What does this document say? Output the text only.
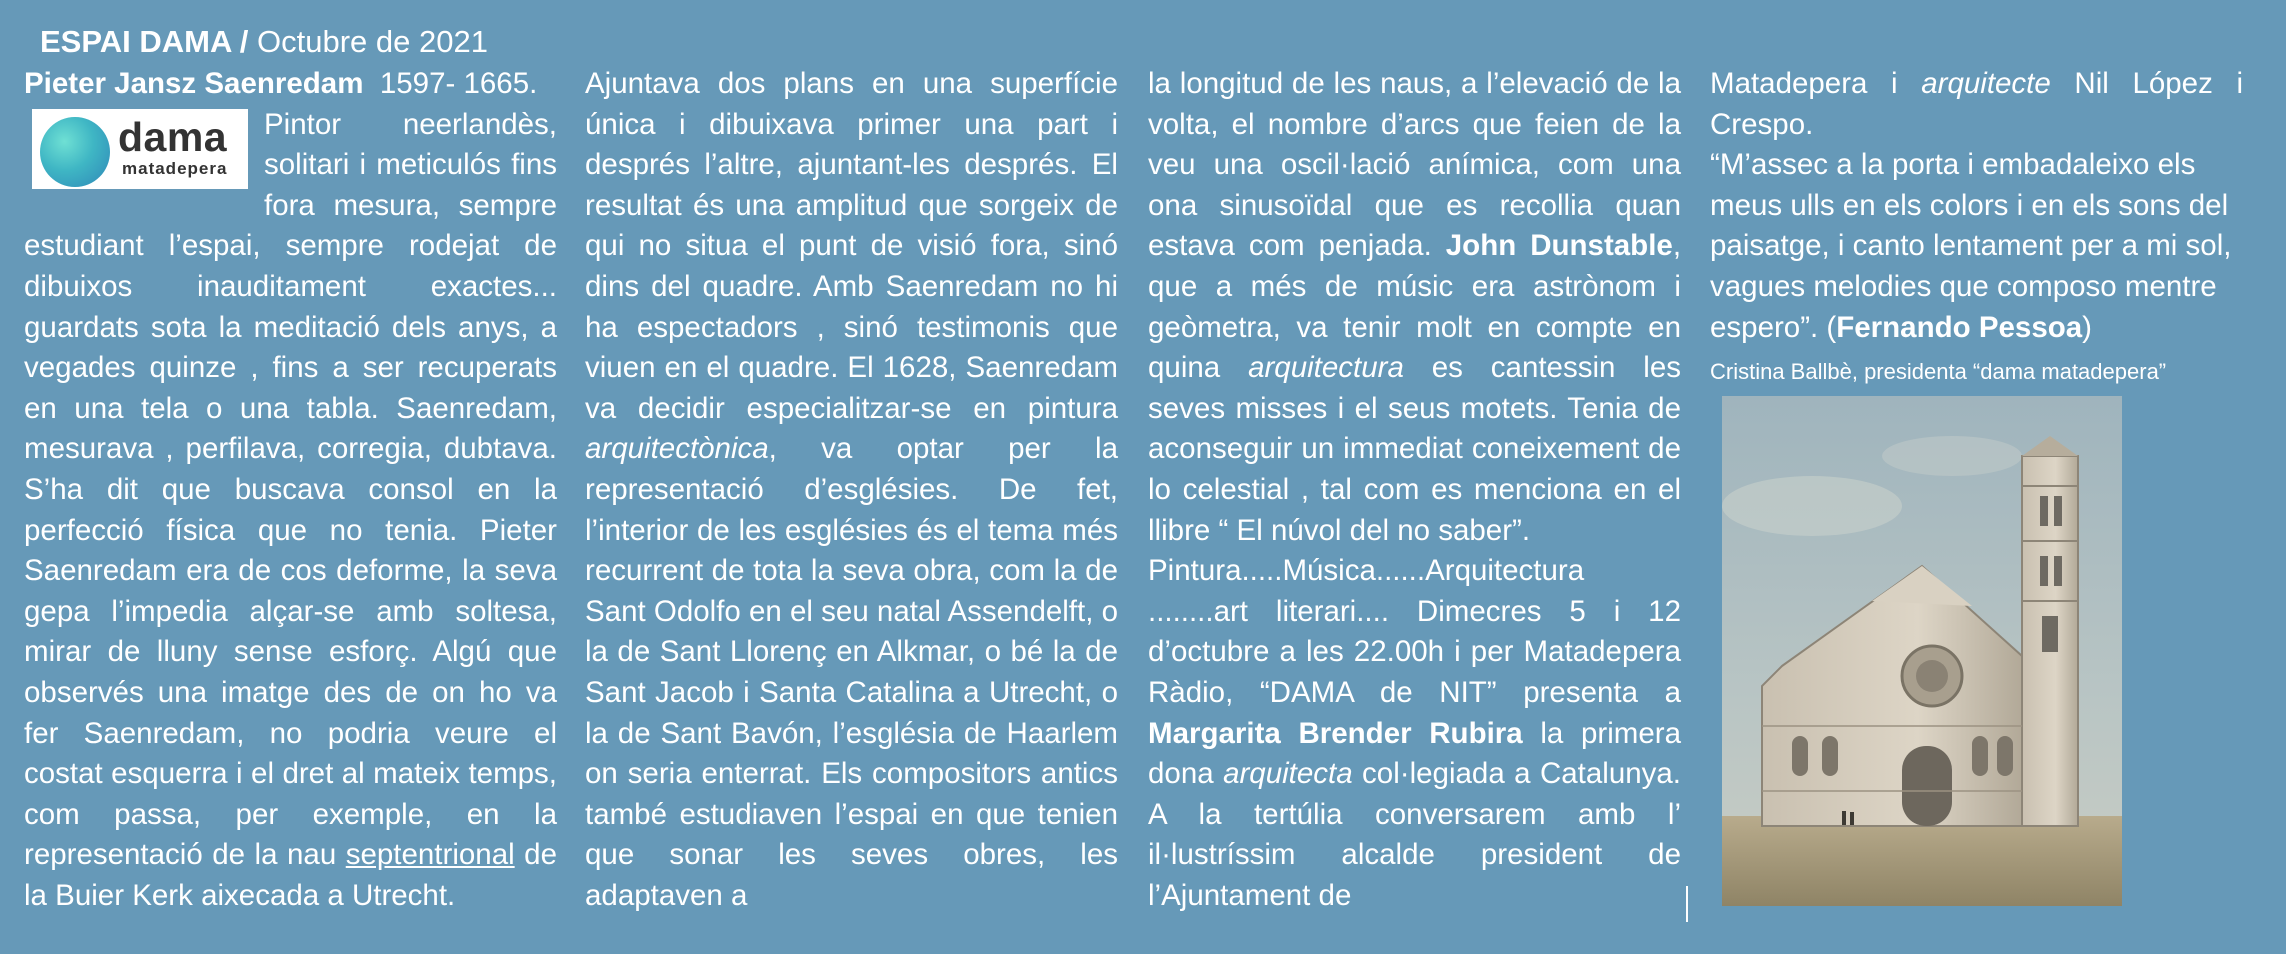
ESPAI DAMA / Octubre de 2021

Pieter Jansz Saenredam 1597- 1665.

dama
matadepera

Pintor neerlandès, solitari i meticulós fins fora mesura, sempre estudiant l’espai, sempre rodejat de dibuixos inauditament exactes... guardats sota la meditació dels anys, a vegades quinze , fins a ser recuperats en una tela o una tabla. Saenredam, mesurava , perfilava, corregia, dubtava. S’ha dit que buscava consol en la perfecció física que no tenia. Pieter Saenredam era de cos deforme, la seva gepa l’impedia alçar-se amb soltesa, mirar de lluny sense esforç. Algú que observés una imatge des de on ho va fer Saenredam, no podria veure el costat esquerra i el dret al mateix temps, com passa, per exemple, en la representació de la nau septentrional de la Buier Kerk aixecada a Utrecht.

Ajuntava dos plans en una superfície única i dibuixava primer una part i després l’altre, ajuntant-les després. El resultat és una amplitud que sorgeix de qui no situa el punt de visió fora, sinó dins del quadre. Amb Saenredam no hi ha espectadors , sinó testimonis que viuen en el quadre. El 1628, Saenredam va decidir especialitzar-se en pintura arquitectònica, va optar per la representació d’esglésies. De fet, l’interior de les esglésies és el tema més recurrent de tota la seva obra, com la de Sant Odolfo en el seu natal Assendelft, o la de Sant Llorenç en Alkmar, o bé la de Sant Jacob i Santa Catalina a Utrecht, o la de Sant Bavón, l’església de Haarlem on seria enterrat. Els compositors antics també estudiaven l’espai en que tenien que sonar les seves obres, les adaptaven a

la longitud de les naus, a l’elevació de la volta, el nombre d’arcs que feien de la veu una oscil·lació anímica, com una ona sinusoïdal que es recollia quan estava com penjada. John Dunstable, que a més de músic era astrònom i geòmetra, va tenir molt en compte en quina arquitectura es cantessin les seves misses i el seus motets. Tenia de aconseguir un immediat coneixement de lo celestial , tal com es menciona en el llibre “ El núvol del no saber”.

Pintura.....Música......Arquitectura

........art literari.... Dimecres 5 i 12 d’octubre a les 22.00h i per Matadepera Ràdio, “DAMA de NIT” presenta a Margarita Brender Rubira la primera dona arquitecta col·legiada a Catalunya. A la tertúlia conversarem amb l’ il·lustríssim alcalde president de l’Ajuntament de

Matadepera i arquitecte Nil López i Crespo.

“M’assec a la porta i embadaleixo els meus ulls en els colors i en els sons del paisatge, i canto lentament per a mi sol, vagues melodies que composo mentre espero”. (Fernando Pessoa)

Cristina Ballbè, presidenta “dama matadepera”
